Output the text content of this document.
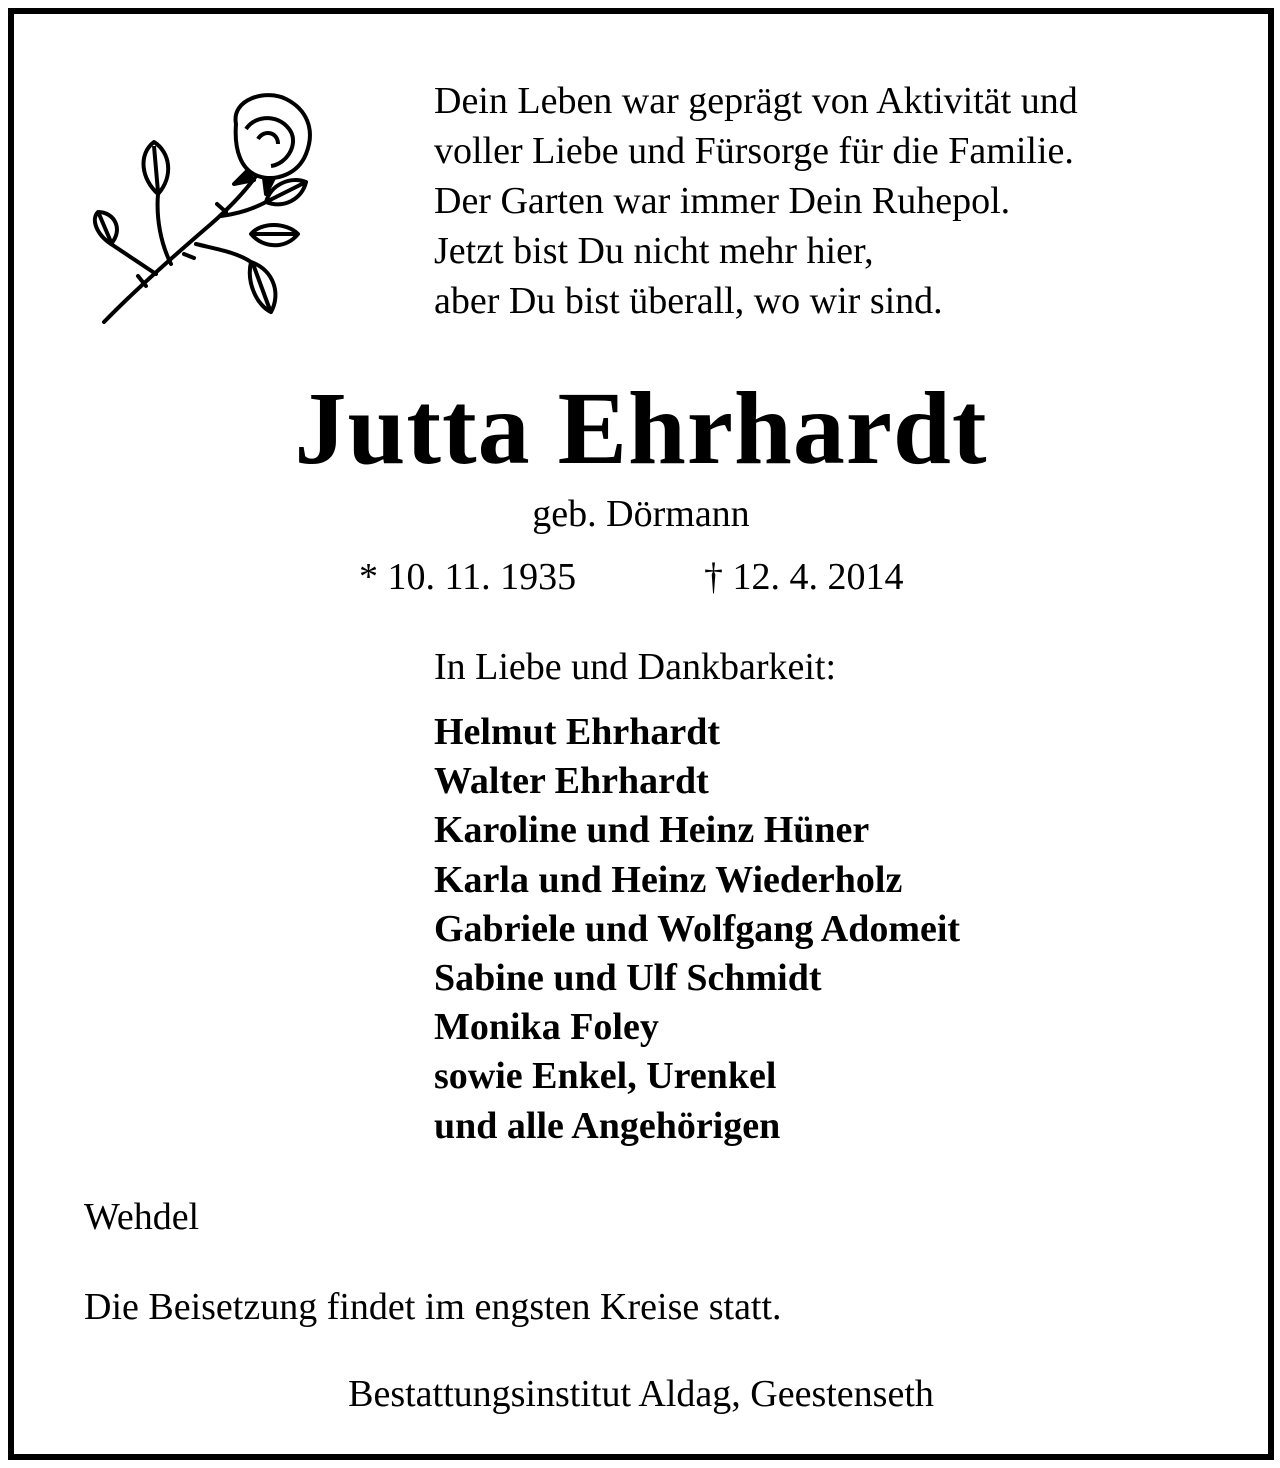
Dein Leben war geprägt von Aktivität und
voller Liebe und Fürsorge für die Familie.
Der Garten war immer Dein Ruhepol.
Jetzt bist Du nicht mehr hier,
aber Du bist überall, wo wir sind.
Jutta Ehrhardt
geb. Dörmann
* 10. 11. 1935	† 12. 4. 2014
In Liebe und Dankbarkeit:
Helmut Ehrhardt
Walter Ehrhardt
Karoline und Heinz Hüner
Karla und Heinz Wiederholz
Gabriele und Wolfgang Adomeit
Sabine und Ulf Schmidt
Monika Foley
sowie Enkel, Urenkel
und alle Angehörigen
Wehdel
Die Beisetzung findet im engsten Kreise statt.
Bestattungsinstitut Aldag, Geestenseth
